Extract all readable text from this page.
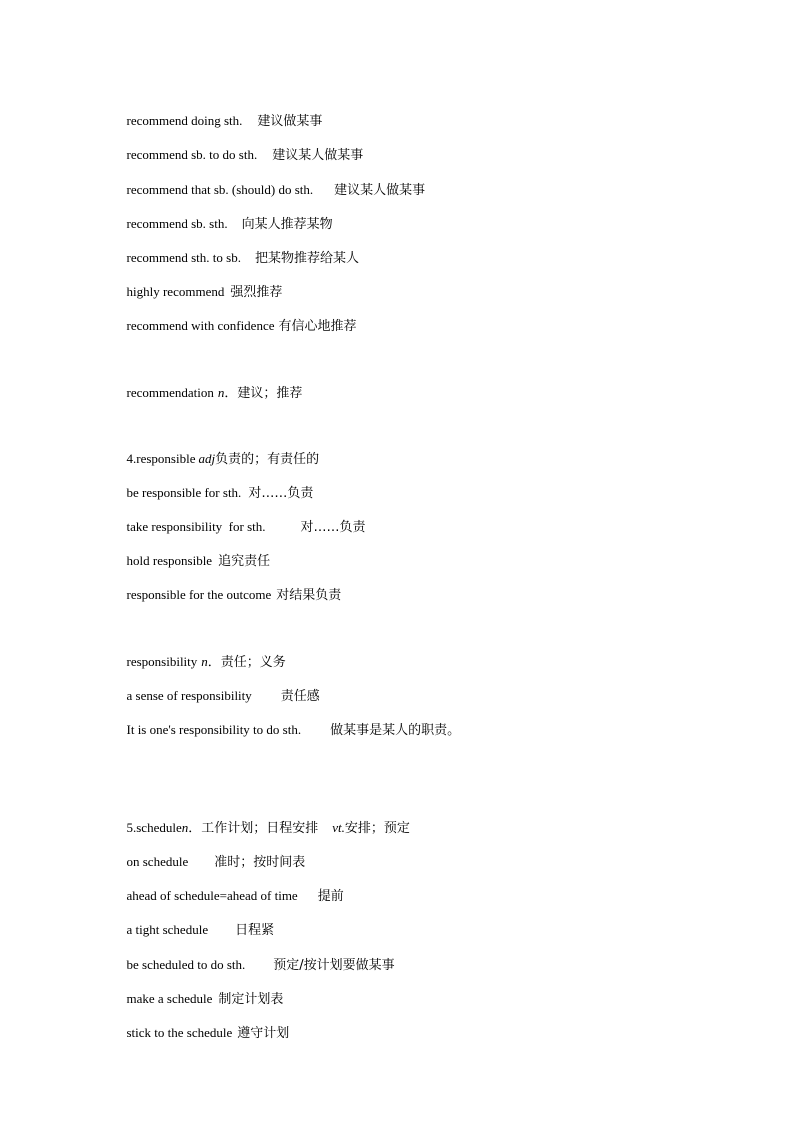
recommend doing sth. 建议做某事

recommend sb. to do sth. 建议某人做某事

recommend that sb. (should) do sth. 建议某人做某事

recommend sb. sth. 向某人推荐某物

recommend sth. to sb. 把某物推荐给某人

highly recommend 强烈推荐

recommend with confidence 有信心地推荐

recommendation n．建议；推荐

4.responsible adj负责的；有责任的

be responsible for sth. 对……负责

take responsibility  for sth.	对……负责

hold responsible 追究责任

responsible for the outcome 对结果负责

responsibility n．责任；义务

a sense of responsibility 责任感

It is one's responsibility to do sth. 做某事是某人的职责。

5.schedulen．工作计划；日程安排 vt.安排；预定

on schedule 准时；按时间表

ahead of schedule=ahead of time 提前

a tight schedule 日程紧

be scheduled to do sth. 预定/按计划要做某事

make a schedule 制定计划表

stick to the schedule 遵守计划
